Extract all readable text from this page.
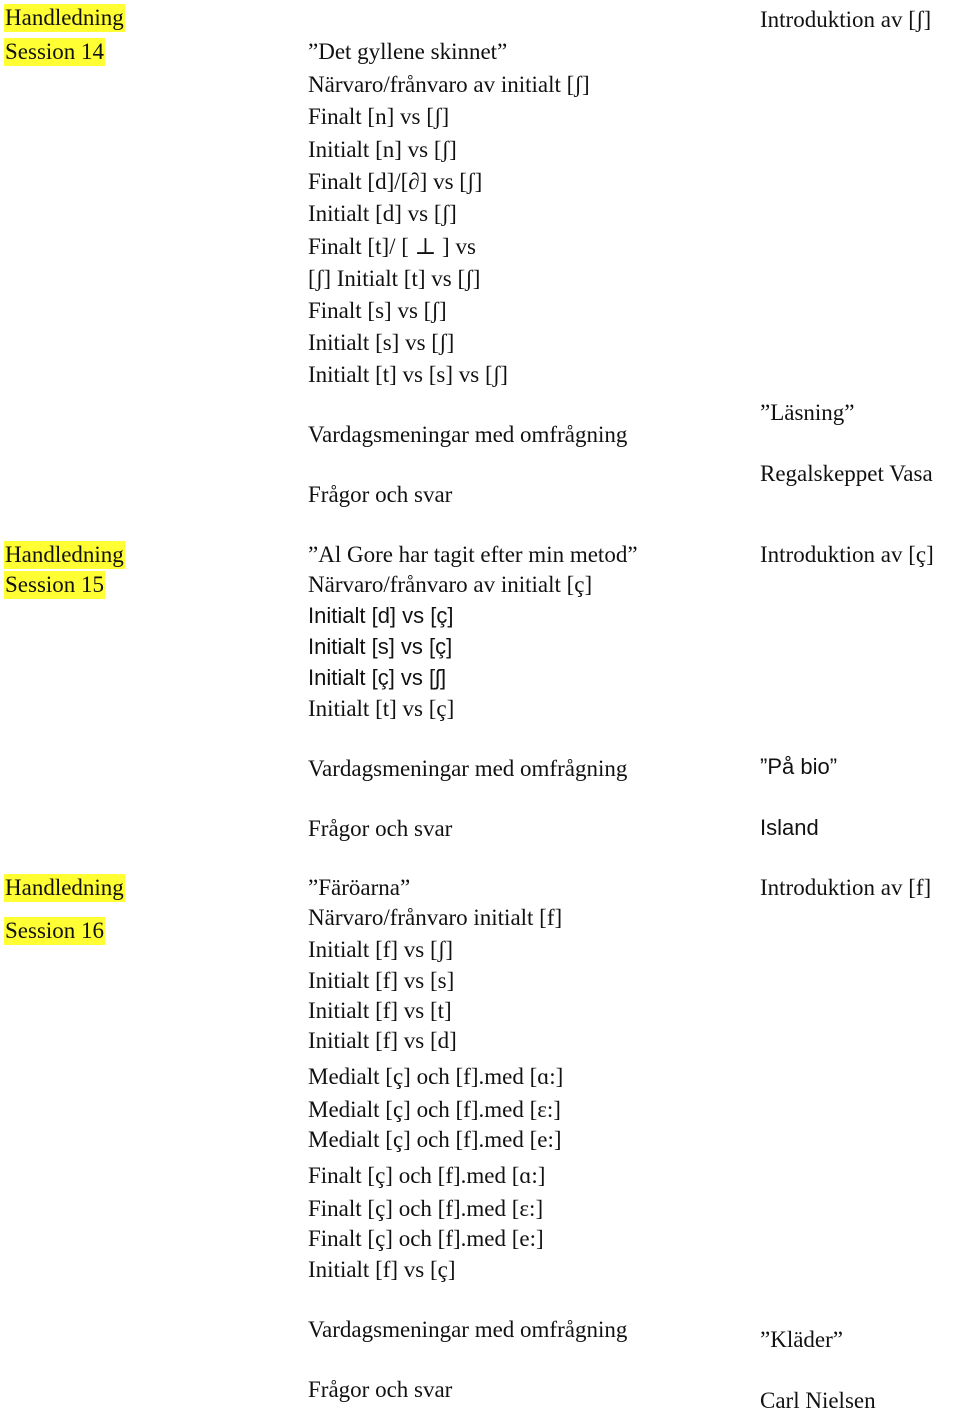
Handledning
Session 14	”Det gyllene skinnet”
Närvaro/frånvaro av initialt [ʃ]
Finalt [n] vs [ʃ]
Initialt [n] vs [ʃ]
Finalt [d]/[∂] vs [ʃ]
Initialt [d] vs [ʃ]
Finalt [t]/ [ ⊥ ] vs
[ʃ] Initialt [t] vs [ʃ]
Finalt [s] vs [ʃ]
Initialt [s] vs [ʃ]
Initialt [t] vs [s] vs [ʃ]
Vardagsmeningar med omfrågning
Frågor och svar
Introduktion av [ʃ]
”Läsning”
Regalskeppet Vasa
Handledning
Session 15
”Al Gore har tagit efter min metod”
Närvaro/frånvaro av initialt [ç]
Initialt [d] vs [ç]
Initialt [s] vs [ç]
Initialt [ç] vs [ʃ]
Initialt [t] vs [ç]
Vardagsmeningar med omfrågning
Frågor och svar
Introduktion av [ç]
”På bio”
Island
Handledning
Session 16
”Färöarna”
Närvaro/frånvaro initialt [f]
Initialt [f] vs [ʃ]
Initialt [f] vs [s]
Initialt [f] vs [t]
Initialt [f] vs [d]
Medialt [ç] och [f].med [ɑ:]
Medialt [ç] och [f].med [ε:]
Medialt [ç] och [f].med [e:]
Finalt [ç] och [f].med [ɑ:]
Finalt [ç] och [f].med [ε:]
Finalt [ç] och [f].med [e:]
Initialt [f] vs [ç]
Vardagsmeningar med omfrågning
Frågor och svar
Introduktion av [f]
”Kläder”
Carl Nielsen
